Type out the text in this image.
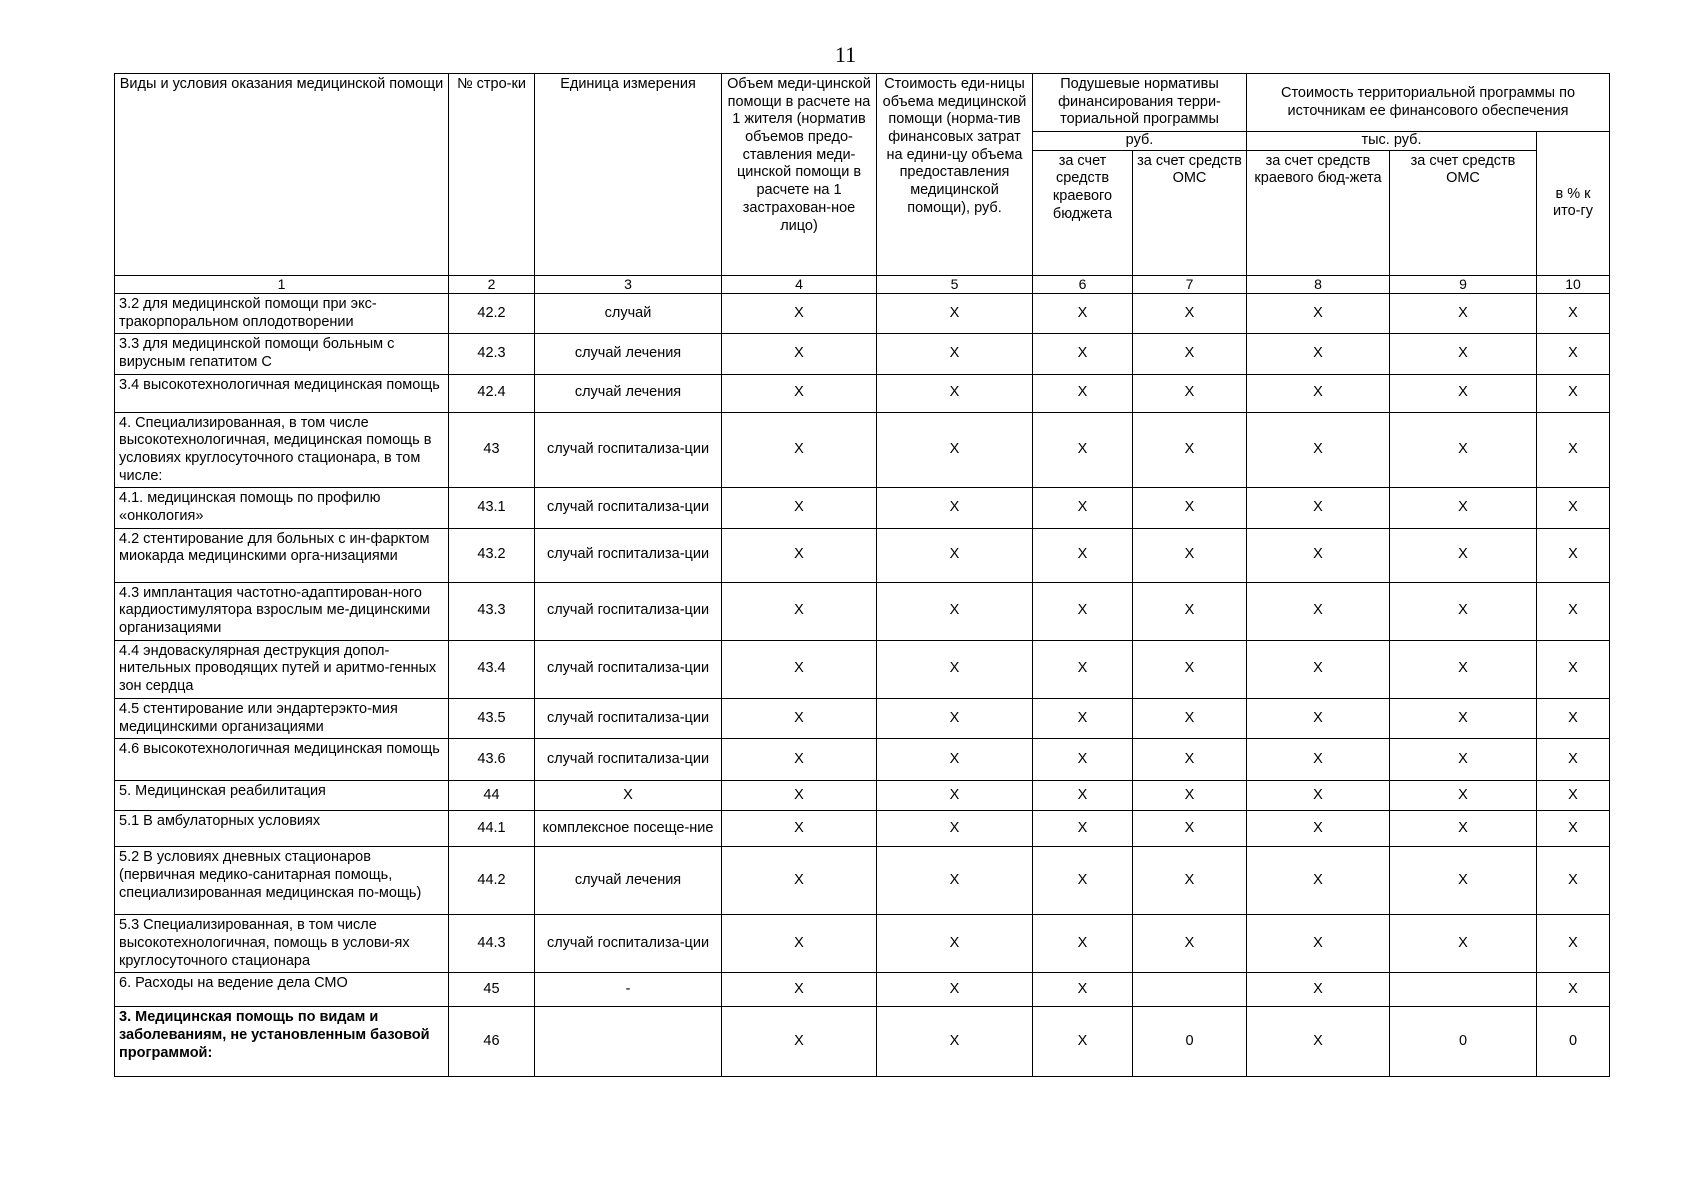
11
Виды и условия оказания медицинской помощи	№ стро-ки	Единица измерения	Объем меди-цинской помощи в расчете на 1 жителя (норматив объемов предо-ставления меди-цинской помощи в расчете на 1 застрахован-ное лицо)	Стоимость еди-ницы объема медицинской помощи (норма-тив финансовых затрат на едини-цу объема предоставления медицинской помощи), руб.	Подушевые нормативы финансирования терри-ториальной программы		Стоимость территориальной программы по источникам ее финансового обеспечения		
					руб.		тыс. руб.		в % к ито-гу
					за счет средств краевого бюджета	за счет средств ОМС	за счет средств краевого бюд-жета	за счет средств ОМС	
1	2	3	4	5	6	7	8	9	10
3.2 для медицинской помощи при экс-тракорпоральном оплодотворении	42.2	случай	X	X	X	X	X	X	X
3.3 для медицинской помощи больным с вирусным гепатитом С	42.3	случай лечения	X	X	X	X	X	X	X
3.4 высокотехнологичная медицинская помощь	42.4	случай лечения	X	X	X	X	X	X	X
4. Специализированная, в том числе высокотехнологичная, медицинская помощь в условиях круглосуточного стационара, в том числе:	43	случай госпитализа-ции	X	X	X	X	X	X	X
4.1. медицинская помощь по профилю «онкология»	43.1	случай госпитализа-ции	X	X	X	X	X	X	X
4.2 стентирование для больных с ин-фарктом миокарда медицинскими орга-низациями	43.2	случай госпитализа-ции	X	X	X	X	X	X	X
4.3 имплантация частотно-адаптирован-ного кардиостимулятора взрослым ме-дицинскими организациями	43.3	случай госпитализа-ции	X	X	X	X	X	X	X
4.4 эндоваскулярная деструкция допол-нительных проводящих путей и аритмо-генных зон сердца	43.4	случай госпитализа-ции	X	X	X	X	X	X	X
4.5 стентирование или эндартерэкто-мия медицинскими организациями	43.5	случай госпитализа-ции	X	X	X	X	X	X	X
4.6 высокотехнологичная медицинская помощь	43.6	случай госпитализа-ции	X	X	X	X	X	X	X
5. Медицинская реабилитация	44	X	X	X	X	X	X	X	X
5.1 В амбулаторных условиях	44.1	комплексное посеще-ние	X	X	X	X	X	X	X
5.2 В условиях дневных стационаров (первичная медико-санитарная помощь, специализированная медицинская по-мощь)	44.2	случай лечения	X	X	X	X	X	X	X
5.3 Специализированная, в том числе высокотехнологичная, помощь в услови-ях круглосуточного стационара	44.3	случай госпитализа-ции	X	X	X	X	X	X	X
6. Расходы на ведение дела СМО	45	-	X	X	X		X		X
3. Медицинская помощь по видам и заболеваниям, не установленным базовой программой:	46		X	X	X	0	X	0	0
